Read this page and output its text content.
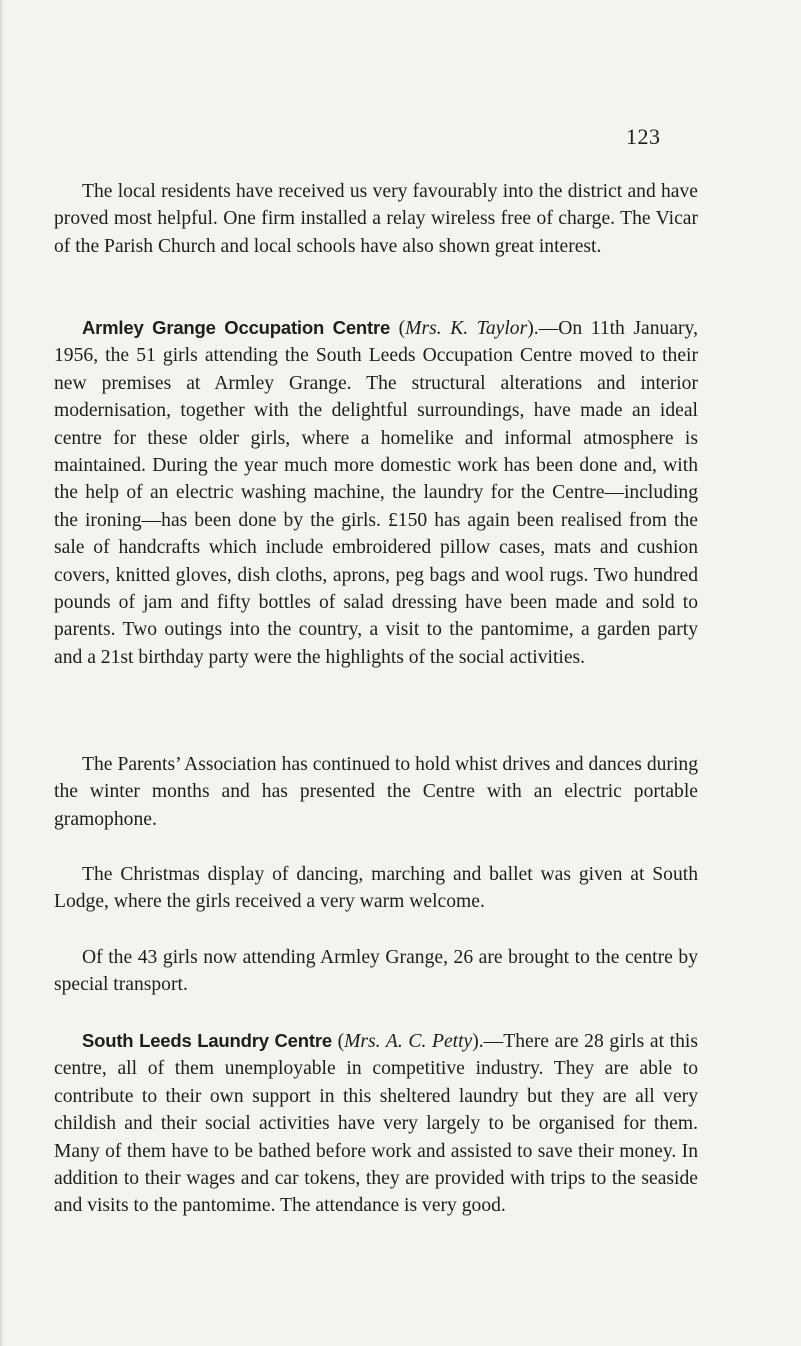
123

The local residents have received us very favourably into the district and have proved most helpful. One firm installed a relay wireless free of charge. The Vicar of the Parish Church and local schools have also shown great interest.

Armley Grange Occupation Centre (Mrs. K. Taylor).—On 11th January, 1956, the 51 girls attending the South Leeds Occupation Centre moved to their new premises at Armley Grange. The structural alterations and interior modernisation, together with the delightful surroundings, have made an ideal centre for these older girls, where a homelike and informal atmosphere is maintained. During the year much more domestic work has been done and, with the help of an electric washing machine, the laundry for the Centre—including the ironing—has been done by the girls. £150 has again been realised from the sale of handcrafts which include embroidered pillow cases, mats and cushion covers, knitted gloves, dish cloths, aprons, peg bags and wool rugs. Two hundred pounds of jam and fifty bottles of salad dressing have been made and sold to parents. Two outings into the country, a visit to the pantomime, a garden party and a 21st birthday party were the highlights of the social activities.

The Parents’ Association has continued to hold whist drives and dances during the winter months and has presented the Centre with an electric portable gramophone.

The Christmas display of dancing, marching and ballet was given at South Lodge, where the girls received a very warm welcome.

Of the 43 girls now attending Armley Grange, 26 are brought to the centre by special transport.

South Leeds Laundry Centre (Mrs. A. C. Petty).—There are 28 girls at this centre, all of them unemployable in competitive industry. They are able to contribute to their own support in this sheltered laundry but they are all very childish and their social activities have very largely to be organised for them. Many of them have to be bathed before work and assisted to save their money. In addition to their wages and car tokens, they are provided with trips to the seaside and visits to the pantomime. The attendance is very good.
